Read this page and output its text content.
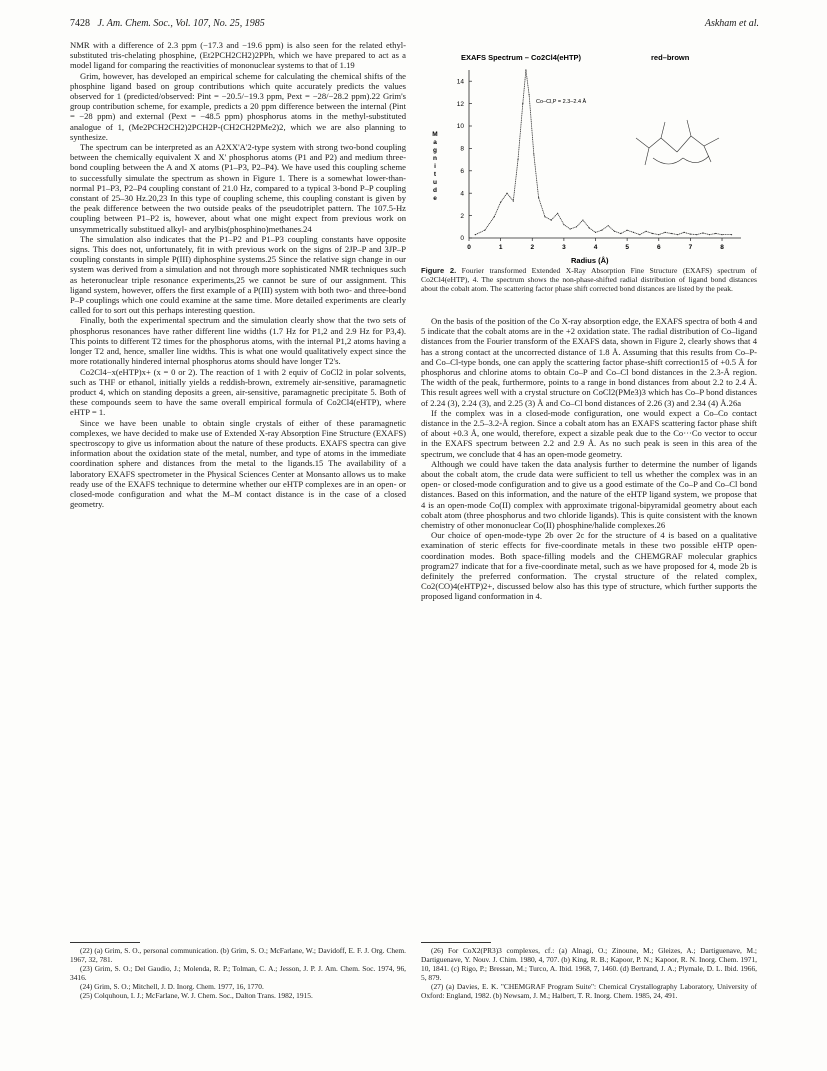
7428 J. Am. Chem. Soc., Vol. 107, No. 25, 1985	Askham et al.

NMR with a difference of 2.3 ppm (−17.3 and −19.6 ppm) is also seen for the related ethyl-substituted tris-chelating phosphine, (Et2PCH2CH2)2PPh, which we have prepared to act as a model ligand for comparing the reactivities of mononuclear systems to that of 1.19

Grim, however, has developed an empirical scheme for calculating the chemical shifts of the phosphine ligand based on group contributions which quite accurately predicts the values observed for 1 (predicted/observed: Pint = −20.5/−19.3 ppm, Pext = −28/−28.2 ppm).22 Grim's group contribution scheme, for example, predicts a 20 ppm difference between the internal (Pint = −28 ppm) and external (Pext = −48.5 ppm) phosphorus atoms in the methyl-substituted analogue of 1, (Me2PCH2CH2)2PCH2P-(CH2CH2PMe2)2, which we are also planning to synthesize.

The spectrum can be interpreted as an A2XX'A'2-type system with strong two-bond coupling between the chemically equivalent X and X' phosphorus atoms (P1 and P2) and medium three-bond coupling between the A and X atoms (P1–P3, P2–P4). We have used this coupling scheme to successfully simulate the spectrum as shown in Figure 1. There is a somewhat lower-than-normal P1–P3, P2–P4 coupling constant of 21.0 Hz, compared to a typical 3-bond P–P coupling constant of 25–30 Hz.20,23 In this type of coupling scheme, this coupling constant is given by the peak difference between the two outside peaks of the pseudotriplet pattern. The 107.5-Hz coupling between P1–P2 is, however, about what one might expect from previous work on unsymmetrically substitued alkyl- and arylbis(phosphino)methanes.24

The simulation also indicates that the P1–P2 and P1–P3 coupling constants have opposite signs. This does not, unfortunately, fit in with previous work on the signs of 2JP–P and 3JP–P coupling constants in simple P(III) diphosphine systems.25 Since the relative sign change in our system was derived from a simulation and not through more sophisticated NMR techniques such as heteronuclear triple resonance experiments,25 we cannot be sure of our assignment. This ligand system, however, offers the first example of a P(III) system with both two- and three-bond P–P couplings which one could examine at the same time. More detailed experiments are clearly called for to sort out this perhaps interesting question.

Finally, both the experimental spectrum and the simulation clearly show that the two sets of phosphorus resonances have rather different line widths (1.7 Hz for P1,2 and 2.9 Hz for P3,4). This points to different T2 times for the phosphorus atoms, with the internal P1,2 atoms having a longer T2 and, hence, smaller line widths. This is what one would qualitatively expect since the more rotationally hindered internal phosphorus atoms should have longer T2's.

Co2Cl4−x(eHTP)x+ (x = 0 or 2). The reaction of 1 with 2 equiv of CoCl2 in polar solvents, such as THF or ethanol, initially yields a reddish-brown, extremely air-sensitive, paramagnetic product 4, which on standing deposits a green, air-sensitive, paramagnetic precipitate 5. Both of these compounds seem to have the same overall empirical formula of Co2Cl4(eHTP), where eHTP = 1.

Since we have been unable to obtain single crystals of either of these paramagnetic complexes, we have decided to make use of Extended X-ray Absorption Fine Structure (EXAFS) spectroscopy to give us information about the nature of these products. EXAFS spectra can give information about the oxidation state of the metal, number, and type of atoms in the immediate coordination sphere and distances from the metal to the ligands.15 The availability of a laboratory EXAFS spectrometer in the Physical Sciences Center at Monsanto allows us to make ready use of the EXAFS technique to determine whether our eHTP complexes are in an open- or closed-mode configuration and what the M–M contact distance is in the case of a closed geometry.

EXAFS Spectrum – Co2Cl4(eHTP)	red–brown
Co–Cl,P = 2.3–2.4 Å
Radius (Å)
M
a
g
n
i
t
u
d
e
0	1	2	3	4	5	6	7	8
0
2
4
6
8
10
12
14
Figure 2. Fourier transformed Extended X-Ray Absorption Fine Structure (EXAFS) spectrum of Co2Cl4(eHTP), 4. The spectrum shows the non-phase-shifted radial distribution of ligand bond distances about the cobalt atom. The scattering factor phase shift corrected bond distances are listed by the peak.

On the basis of the position of the Co X-ray absorption edge, the EXAFS spectra of both 4 and 5 indicate that the cobalt atoms are in the +2 oxidation state. The radial distribution of Co–ligand distances from the Fourier transform of the EXAFS data, shown in Figure 2, clearly shows that 4 has a strong contact at the uncorrected distance of 1.8 Å. Assuming that this results from Co–P- and Co–Cl-type bonds, one can apply the scattering factor phase-shift correction15 of +0.5 Å for phosphorus and chlorine atoms to obtain Co–P and Co–Cl bond distances in the 2.3-Å region. The width of the peak, furthermore, points to a range in bond distances from about 2.2 to 2.4 Å. This result agrees well with a crystal structure on CoCl2(PMe3)3 which has Co–P bond distances of 2.24 (3), 2.24 (3), and 2.25 (3) Å and Co–Cl bond distances of 2.26 (3) and 2.34 (4) Å.26a

If the complex was in a closed-mode configuration, one would expect a Co–Co contact distance in the 2.5–3.2-Å region. Since a cobalt atom has an EXAFS scattering factor phase shift of about +0.3 Å, one would, therefore, expect a sizable peak due to the Co···Co vector to occur in the EXAFS spectrum between 2.2 and 2.9 Å. As no such peak is seen in this area of the spectrum, we conclude that 4 has an open-mode geometry.

Although we could have taken the data analysis further to determine the number of ligands about the cobalt atom, the crude data were sufficient to tell us whether the complex was in an open- or closed-mode configuration and to give us a good estimate of the Co–P and Co–Cl bond distances. Based on this information, and the nature of the eHTP ligand system, we propose that 4 is an open-mode Co(II) complex with approximate trigonal-bipyramidal geometry about each cobalt atom (three phosphorus and two chloride ligands). This is quite consistent with the known chemistry of other mononuclear Co(II) phosphine/halide complexes.26

Our choice of open-mode-type 2b over 2c for the structure of 4 is based on a qualitative examination of steric effects for five-coordinate metals in these two possible eHTP open-coordination modes. Both space-filling models and the CHEMGRAF molecular graphics program27 indicate that for a five-coordinate metal, such as we have proposed for 4, mode 2b is definitely the preferred conformation. The crystal structure of the related complex, Co2(CO)4(eHTP)2+, discussed below also has this type of structure, which further supports the proposed ligand conformation in 4.

(22) (a) Grim, S. O., personal communication. (b) Grim, S. O.; McFarlane, W.; Davidoff, E. F. J. Org. Chem. 1967, 32, 781.

(23) Grim, S. O.; Del Gaudio, J.; Molenda, R. P.; Tolman, C. A.; Jesson, J. P. J. Am. Chem. Soc. 1974, 96, 3416.

(24) Grim, S. O.; Mitchell, J. D. Inorg. Chem. 1977, 16, 1770.

(25) Colquhoun, I. J.; McFarlane, W. J. Chem. Soc., Dalton Trans. 1982, 1915.

(26) For CoX2(PR3)3 complexes, cf.: (a) Alnagi, O.; Zinoune, M.; Gleizes, A.; Dartiguenave, M.; Dartiguenave, Y. Nouv. J. Chim. 1980, 4, 707. (b) King, R. B.; Kapoor, P. N.; Kapoor, R. N. Inorg. Chem. 1971, 10, 1841. (c) Rigo, P.; Bressan, M.; Turco, A. Ibid. 1968, 7, 1460. (d) Bertrand, J. A.; Plymale, D. L. Ibid. 1966, 5, 879.

(27) (a) Davies, E. K. "CHEMGRAF Program Suite": Chemical Crystallography Laboratory, University of Oxford: England, 1982. (b) Newsam, J. M.; Halbert, T. R. Inorg. Chem. 1985, 24, 491.
